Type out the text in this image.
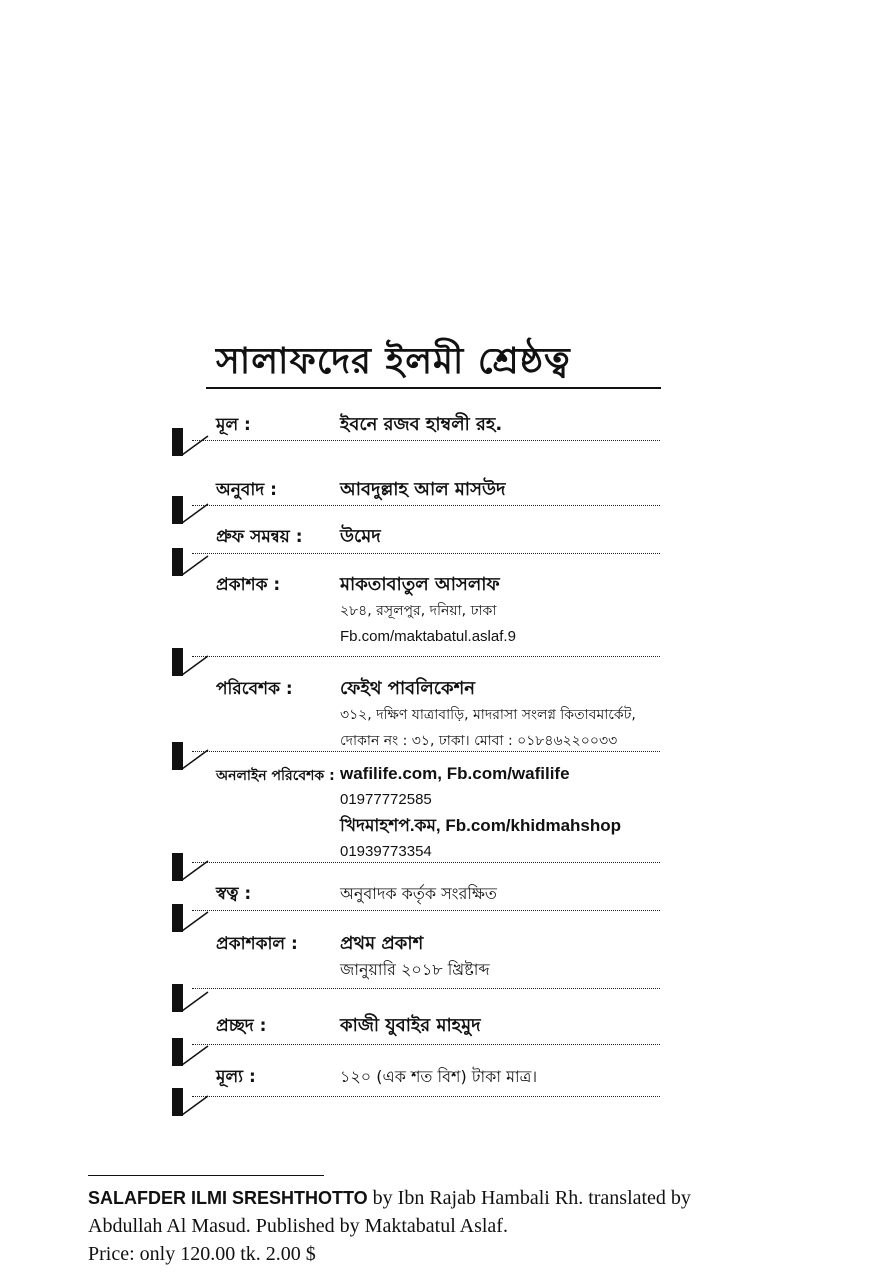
সালাফদের ইলমী শ্রেষ্ঠত্ব
মূল :	ইবনে রজব হাম্বলী রহ.
অনুবাদ :	আবদুল্লাহ আল মাসউদ
প্রুফ সমন্বয় : উমেদ
প্রকাশক :	মাকতাবাতুল আসলাফ
২৮৪, রসূলপুর, দনিয়া, ঢাকা
Fb.com/maktabatul.aslaf.9
পরিবেশক :	ফেইথ পাবলিকেশন
৩১২, দক্ষিণ যাত্রাবাড়ি, মাদরাসা সংলগ্ন কিতাবমার্কেট,
দোকান নং : ৩১, ঢাকা। মোবা : ০১৮৪৬২২০০৩৩
অনলাইন পরিবেশক : wafilife.com, Fb.com/wafilife
01977772585
খিদমাহশপ.কম, Fb.com/khidmahshop
01939773354
স্বত্ব :	অনুবাদক কর্তৃক সংরক্ষিত
প্রকাশকাল : প্রথম প্রকাশ
জানুয়ারি ২০১৮ খ্রিষ্টাব্দ
প্রচ্ছদ :	কাজী যুবাইর মাহমুদ
মূল্য :	১২০ (এক শত বিশ) টাকা মাত্র।
SALAFDER ILMI SRESHTHOTTO by Ibn Rajab Hambali Rh. translated by
Abdullah Al Masud. Published by Maktabatul Aslaf.
Price: only 120.00 tk. 2.00 $
